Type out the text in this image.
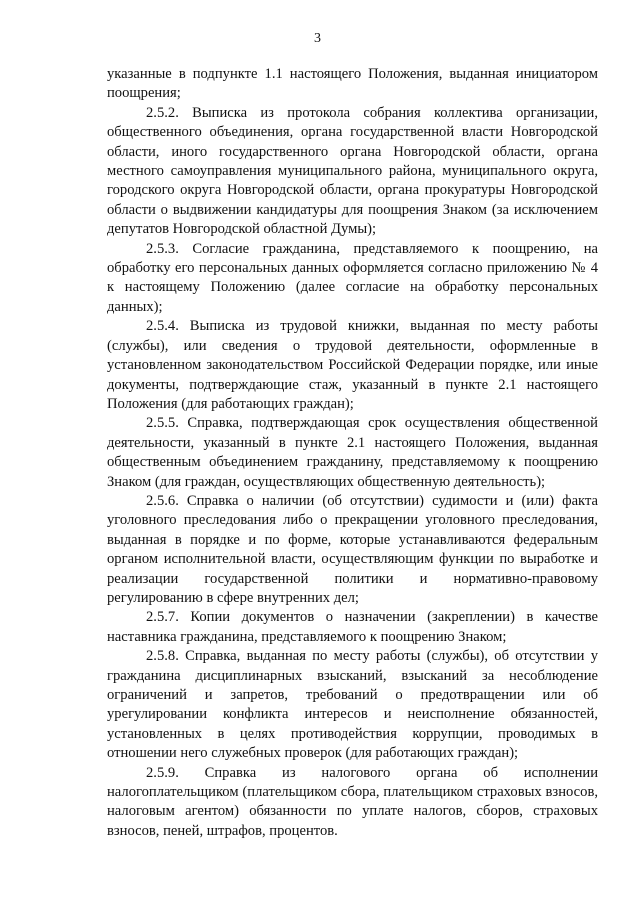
3

указанные в подпункте 1.1 настоящего Положения, выданная инициатором поощрения;

2.5.2. Выписка из протокола собрания коллектива организации, общественного объединения, органа государственной власти Новгородской области, иного государственного органа Новгородской области, органа местного самоуправления муниципального района, муниципального округа, городского округа Новгородской области, органа прокуратуры Новгородской области о выдвижении кандидатуры для поощрения Знаком (за исключением депутатов Новгородской областной Думы);

2.5.3. Согласие гражданина, представляемого к поощрению, на обработку его персональных данных оформляется согласно приложению № 4 к настоящему Положению (далее согласие на обработку персональных данных);

2.5.4. Выписка из трудовой книжки, выданная по месту работы (службы), или сведения о трудовой деятельности, оформленные в установленном законодательством Российской Федерации порядке, или иные документы, подтверждающие стаж, указанный в пункте 2.1 настоящего Положения (для работающих граждан);

2.5.5. Справка, подтверждающая срок осуществления общественной деятельности, указанный в пункте 2.1 настоящего Положения, выданная общественным объединением гражданину, представляемому к поощрению Знаком (для граждан, осуществляющих общественную деятельность);

2.5.6. Справка о наличии (об отсутствии) судимости и (или) факта уголовного преследования либо о прекращении уголовного преследования, выданная в порядке и по форме, которые устанавливаются федеральным органом исполнительной власти, осуществляющим функции по выработке и реализации государственной политики и нормативно-правовому регулированию в сфере внутренних дел;

2.5.7. Копии документов о назначении (закреплении) в качестве наставника гражданина, представляемого к поощрению Знаком;

2.5.8. Справка, выданная по месту работы (службы), об отсутствии у гражданина дисциплинарных взысканий, взысканий за несоблюдение ограничений и запретов, требований о предотвращении или об урегулировании конфликта интересов и неисполнение обязанностей, установленных в целях противодействия коррупции, проводимых в отношении него служебных проверок (для работающих граждан);

2.5.9. Справка из налогового органа об исполнении налогоплательщиком (плательщиком сбора, плательщиком страховых взносов, налоговым агентом) обязанности по уплате налогов, сборов, страховых взносов, пеней, штрафов, процентов.
